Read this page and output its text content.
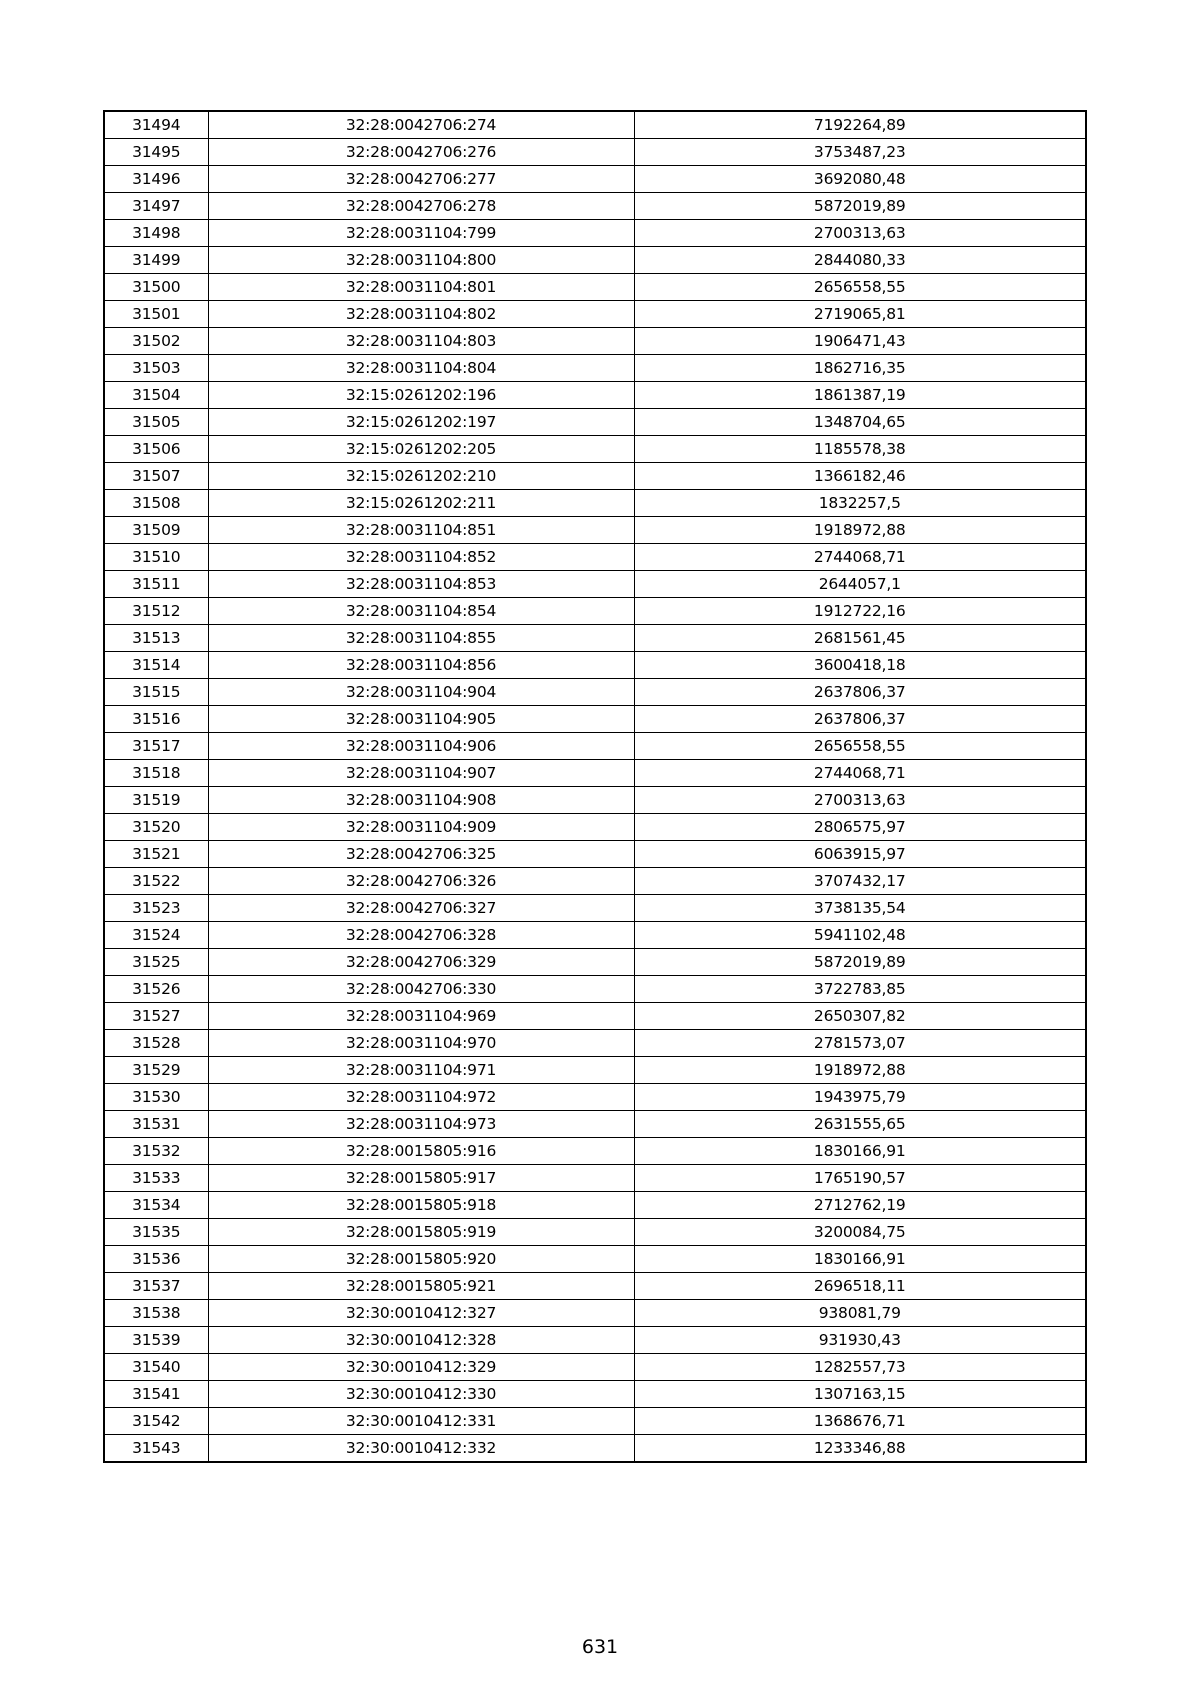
31494	32:28:0042706:274	7192264,89
31495	32:28:0042706:276	3753487,23
31496	32:28:0042706:277	3692080,48
31497	32:28:0042706:278	5872019,89
31498	32:28:0031104:799	2700313,63
31499	32:28:0031104:800	2844080,33
31500	32:28:0031104:801	2656558,55
31501	32:28:0031104:802	2719065,81
31502	32:28:0031104:803	1906471,43
31503	32:28:0031104:804	1862716,35
31504	32:15:0261202:196	1861387,19
31505	32:15:0261202:197	1348704,65
31506	32:15:0261202:205	1185578,38
31507	32:15:0261202:210	1366182,46
31508	32:15:0261202:211	1832257,5
31509	32:28:0031104:851	1918972,88
31510	32:28:0031104:852	2744068,71
31511	32:28:0031104:853	2644057,1
31512	32:28:0031104:854	1912722,16
31513	32:28:0031104:855	2681561,45
31514	32:28:0031104:856	3600418,18
31515	32:28:0031104:904	2637806,37
31516	32:28:0031104:905	2637806,37
31517	32:28:0031104:906	2656558,55
31518	32:28:0031104:907	2744068,71
31519	32:28:0031104:908	2700313,63
31520	32:28:0031104:909	2806575,97
31521	32:28:0042706:325	6063915,97
31522	32:28:0042706:326	3707432,17
31523	32:28:0042706:327	3738135,54
31524	32:28:0042706:328	5941102,48
31525	32:28:0042706:329	5872019,89
31526	32:28:0042706:330	3722783,85
31527	32:28:0031104:969	2650307,82
31528	32:28:0031104:970	2781573,07
31529	32:28:0031104:971	1918972,88
31530	32:28:0031104:972	1943975,79
31531	32:28:0031104:973	2631555,65
31532	32:28:0015805:916	1830166,91
31533	32:28:0015805:917	1765190,57
31534	32:28:0015805:918	2712762,19
31535	32:28:0015805:919	3200084,75
31536	32:28:0015805:920	1830166,91
31537	32:28:0015805:921	2696518,11
31538	32:30:0010412:327	938081,79
31539	32:30:0010412:328	931930,43
31540	32:30:0010412:329	1282557,73
31541	32:30:0010412:330	1307163,15
31542	32:30:0010412:331	1368676,71
31543	32:30:0010412:332	1233346,88
631
